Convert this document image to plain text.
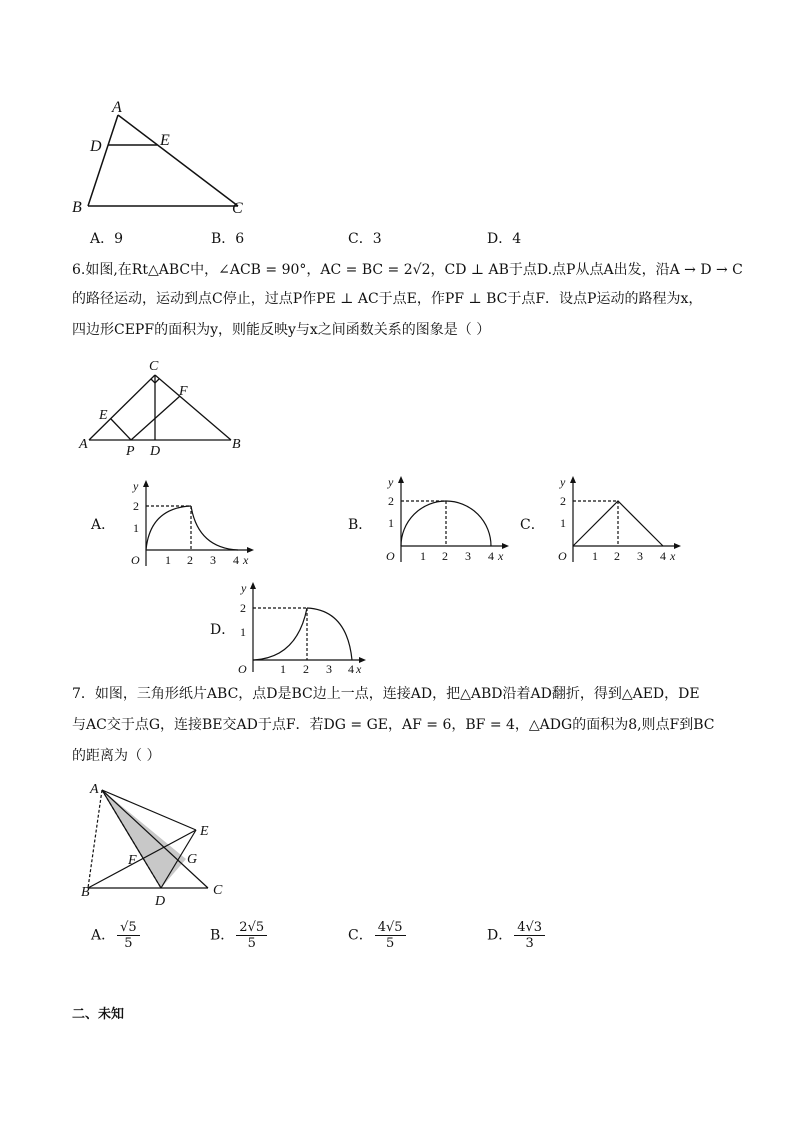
A
D	E
B	C
A．9	B．6	C．3	D．4
6.如图,在Rt△ABC中，∠ACB = 90°，AC = BC = 2√2，CD ⊥ AB于点D.点P从点A出发，沿A → D → C
的路径运动，运动到点C停止，过点P作PE ⊥ AC于点E，作PF ⊥ BC于点F．设点P运动的路程为x，
四边形CEPF的面积为y，则能反映y与x之间函数关系的图象是（ ）
C
F
E
A	P D	B
A．
y
2
1
O 1 2 3 4 x
B．
y
2
1
O 1 2 3 4 x
C．
y
2
1
O 1 2 3 4 x
D．
y
2
1
O	1 2 3 4 x
7．如图，三角形纸片ABC，点D是BC边上一点，连接AD，把△ABD沿着AD翻折，得到△AED，DE
与AC交于点G，连接BE交AD于点F．若DG = GE，AF = 6，BF = 4，△ADG的面积为8,则点F到BC
的距离为（ ）
A
E
F	G
B
D
C
A． $\frac{√5}{5}$	B． $\frac{2√5}{5}$	C． $\frac{4√5}{5}$	D． $\frac{4√3}{3}$
二、未知
